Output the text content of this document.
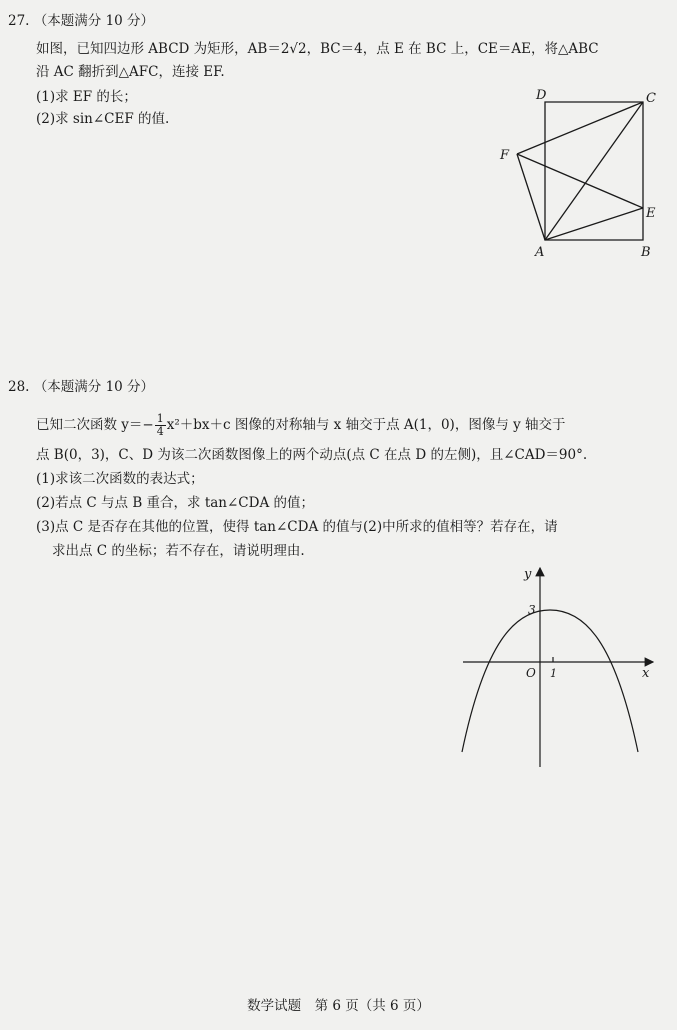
27. （本题满分 10 分）
如图，已知四边形 ABCD 为矩形，AB＝2√2，BC＝4，点 E 在 BC 上，CE＝AE，将△ABC
沿 AC 翻折到△AFC，连接 EF.
(1)求 EF 的长；
(2)求 sin∠CEF 的值.
D	C
F
E
A	B
28. （本题满分 10 分）
已知二次函数 $y=- \frac{1}{4} x^2+bx+c$ 图像的对称轴与 x 轴交于点 A(1，0)，图像与 y 轴交于
点 B(0，3)，C、D 为该二次函数图像上的两个动点(点 C 在点 D 的左侧)，且∠CAD＝90°.
(1)求该二次函数的表达式；
(2)若点 C 与点 B 重合，求 tan∠CDA 的值；
(3)点 C 是否存在其他的位置，使得 tan∠CDA 的值与(2)中所求的值相等？若存在，请
求出点 C 的坐标；若不存在，请说明理由.
y
x
O 1
3
数学试题　第 6 页（共 6 页）
